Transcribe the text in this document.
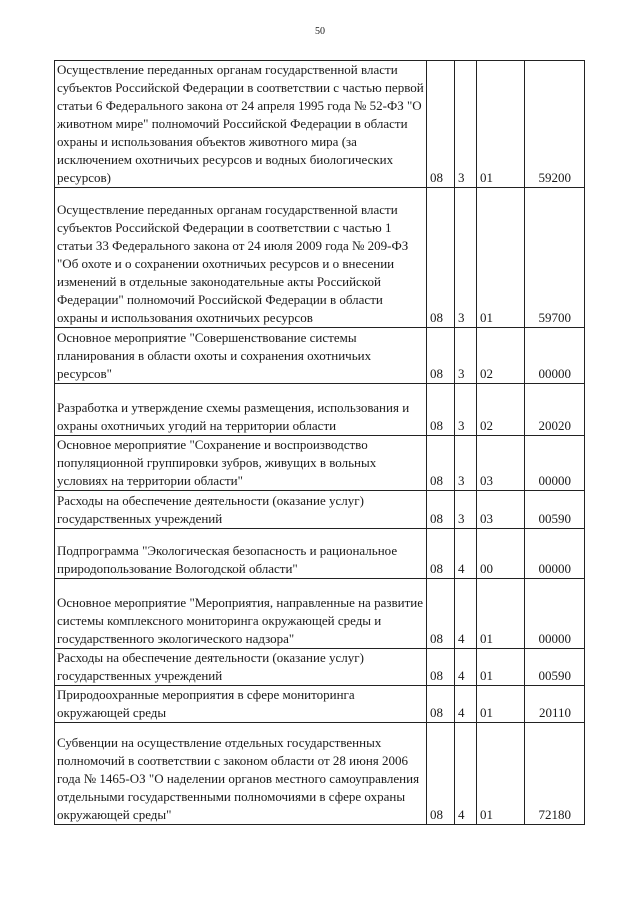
50
Осуществление переданных органам государственной власти субъектов Российской Федерации в соответствии с частью первой статьи 6 Федерального закона от 24 апреля 1995 года № 52-ФЗ "О животном мире" полномочий Российской Федерации в области охраны и использования объектов животного мира (за исключением охотничьих ресурсов и водных биологических ресурсов)	08	3	01	59200
Осуществление переданных органам государственной власти субъектов Российской Федерации в соответствии с частью 1 статьи 33 Федерального закона от 24 июля 2009 года № 209-ФЗ "Об охоте и о сохранении охотничьих ресурсов и о внесении изменений в отдельные законодательные акты Российской Федерации" полномочий Российской Федерации в области охраны и использования охотничьих ресурсов	08	3	01	59700
Основное мероприятие "Совершенствование системы планирования в области охоты и сохранения охотничьих ресурсов"	08	3	02	00000
Разработка и утверждение схемы размещения, использования и охраны охотничьих угодий на территории области	08	3	02	20020
Основное мероприятие "Сохранение и воспроизводство популяционной группировки зубров, живущих в вольных условиях на территории области"	08	3	03	00000
Расходы на обеспечение деятельности (оказание услуг) государственных учреждений	08	3	03	00590
Подпрограмма "Экологическая безопасность и рациональное природопользование Вологодской области"	08	4	00	00000
Основное мероприятие "Мероприятия, направленные на развитие системы комплексного мониторинга окружающей среды и государственного экологического надзора"	08	4	01	00000
Расходы на обеспечение деятельности (оказание услуг) государственных учреждений	08	4	01	00590
Природоохранные мероприятия в сфере мониторинга окружающей среды	08	4	01	20110
Субвенции на осуществление отдельных государственных полномочий в соответствии с законом области от 28 июня 2006 года № 1465-ОЗ "О наделении органов местного самоуправления отдельными государственными полномочиями в сфере охраны окружающей среды"	08	4	01	72180
